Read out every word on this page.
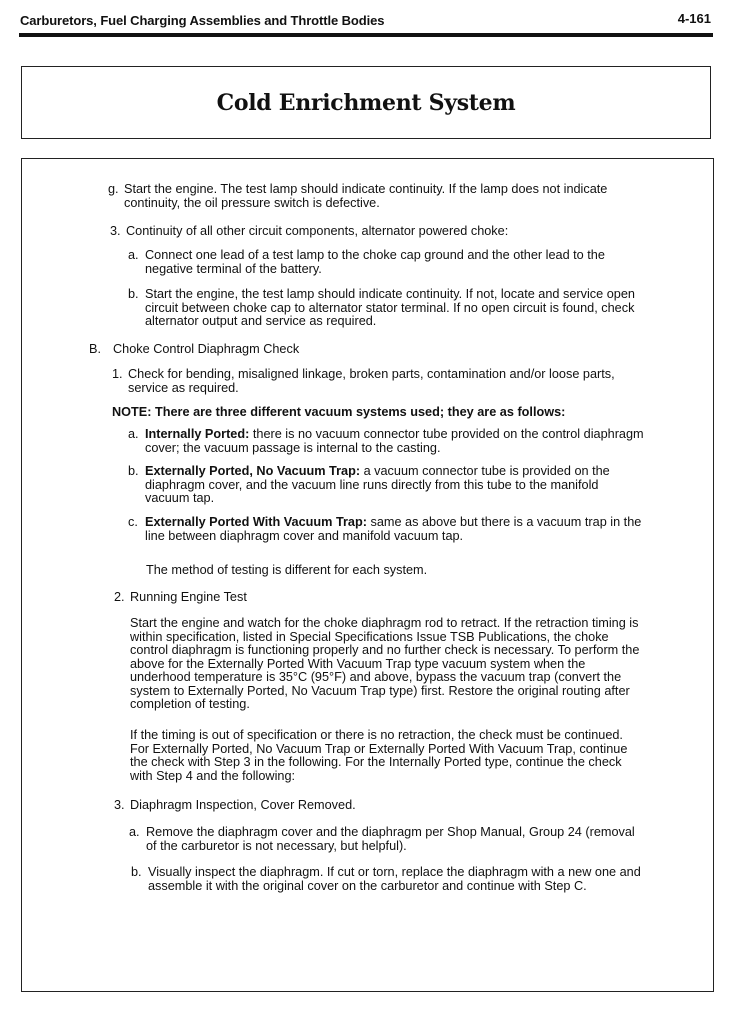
Carburetors, Fuel Charging Assemblies and Throttle Bodies	4-161
Cold Enrichment System
g. Start the engine. The test lamp should indicate continuity. If the lamp does not indicate continuity, the oil pressure switch is defective.
3. Continuity of all other circuit components, alternator powered choke:
a. Connect one lead of a test lamp to the choke cap ground and the other lead to the negative terminal of the battery.
b. Start the engine, the test lamp should indicate continuity. If not, locate and service open circuit between choke cap to alternator stator terminal. If no open circuit is found, check alternator output and service as required.
B. Choke Control Diaphragm Check
1. Check for bending, misaligned linkage, broken parts, contamination and/or loose parts, service as required.
NOTE: There are three different vacuum systems used; they are as follows:
a. Internally Ported: there is no vacuum connector tube provided on the control diaphragm cover; the vacuum passage is internal to the casting.
b. Externally Ported, No Vacuum Trap: a vacuum connector tube is provided on the diaphragm cover, and the vacuum line runs directly from this tube to the manifold vacuum tap.
c. Externally Ported With Vacuum Trap: same as above but there is a vacuum trap in the line between diaphragm cover and manifold vacuum tap.
The method of testing is different for each system.
2. Running Engine Test
Start the engine and watch for the choke diaphragm rod to retract. If the retraction timing is within specification, listed in Special Specifications Issue TSB Publications, the choke control diaphragm is functioning properly and no further check is necessary. To perform the above for the Externally Ported With Vacuum Trap type vacuum system when the underhood temperature is 35°C (95°F) and above, bypass the vacuum trap (convert the system to Externally Ported, No Vacuum Trap type) first. Restore the original routing after completion of testing.
If the timing is out of specification or there is no retraction, the check must be continued. For Externally Ported, No Vacuum Trap or Externally Ported With Vacuum Trap, continue the check with Step 3 in the following. For the Internally Ported type, continue the check with Step 4 and the following:
3. Diaphragm Inspection, Cover Removed.
a. Remove the diaphragm cover and the diaphragm per Shop Manual, Group 24 (removal of the carburetor is not necessary, but helpful).
b. Visually inspect the diaphragm. If cut or torn, replace the diaphragm with a new one and assemble it with the original cover on the carburetor and continue with Step C.
